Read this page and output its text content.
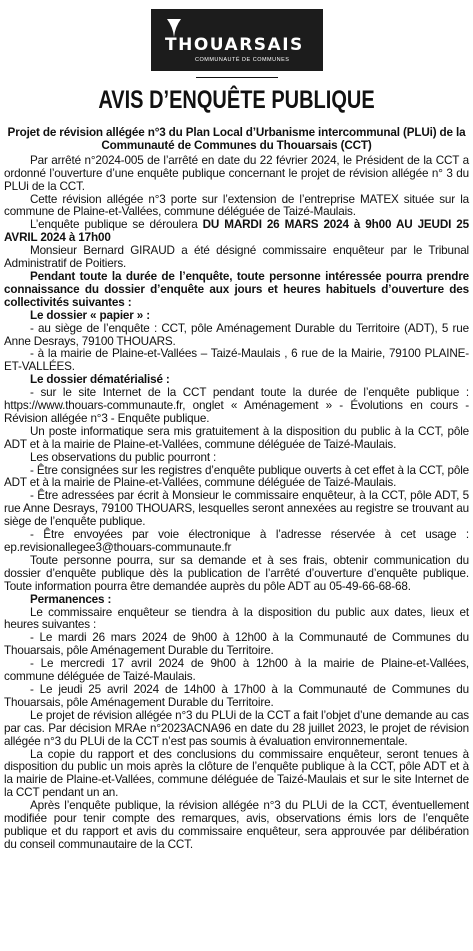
THOUARSAIS
COMMUNAUTÉ DE COMMUNES
AVIS D’ENQUÊTE PUBLIQUE
Projet de révision allégée n°3 du Plan Local d’Urbanisme intercommunal (PLUi) de la Communauté de Communes du Thouarsais (CCT)

Par arrêté n°2024-005 de l’arrêté en date du 22 février 2024, le Président de la CCT a ordonné l’ouverture d’une enquête publique concernant le projet de révision allégée n° 3 du PLUi de la CCT.

Cette révision allégée n°3 porte sur l’extension de l’entreprise MATEX située sur la commune de Plaine-et-Vallées, commune déléguée de Taizé-Maulais.

L’enquête publique se déroulera DU MARDI 26 MARS 2024 à 9h00 AU JEUDI 25 AVRIL 2024 à 17h00

Monsieur Bernard GIRAUD a été désigné commissaire enquêteur par le Tribunal Administratif de Poitiers.

Pendant toute la durée de l’enquête, toute personne intéressée pourra prendre connaissance du dossier d’enquête aux jours et heures habituels d’ouverture des collectivités suivantes :

Le dossier « papier » :

- au siège de l’enquête : CCT, pôle Aménagement Durable du Territoire (ADT), 5 rue Anne Desrays, 79100 THOUARS.

- à la mairie de Plaine-et-Vallées – Taizé-Maulais , 6 rue de la Mairie, 79100 PLAINE-ET-VALLÉES.

Le dossier dématérialisé :

- sur le site Internet de la CCT pendant toute la durée de l’enquête publique : https://www.thouars-communaute.fr, onglet « Aménagement » - Évolutions en cours - Révision allégée n°3 - Enquête publique.

Un poste informatique sera mis gratuitement à la disposition du public à la CCT, pôle ADT et à la mairie de Plaine-et-Vallées, commune déléguée de Taizé-Maulais.

Les observations du public pourront :

- Être consignées sur les registres d’enquête publique ouverts à cet effet à la CCT, pôle ADT et à la mairie de Plaine-et-Vallées, commune déléguée de Taizé-Maulais.

- Être adressées par écrit à Monsieur le commissaire enquêteur, à la CCT, pôle ADT, 5 rue Anne Desrays, 79100 THOUARS, lesquelles seront annexées au registre se trouvant au siège de l’enquête publique.

- Être envoyées par voie électronique à l’adresse réservée à cet usage : ep.revisionallegee3@thouars-communaute.fr

Toute personne pourra, sur sa demande et à ses frais, obtenir communication du dossier d’enquête publique dès la publication de l’arrêté d’ouverture d’enquête publique. Toute information pourra être demandée auprès du pôle ADT au 05-49-66-68-68.

Permanences :

Le commissaire enquêteur se tiendra à la disposition du public aux dates, lieux et heures suivantes :

- Le mardi 26 mars 2024 de 9h00 à 12h00 à la Communauté de Communes du Thouarsais, pôle Aménagement Durable du Territoire.

- Le mercredi 17 avril 2024 de 9h00 à 12h00 à la mairie de Plaine-et-Vallées, commune déléguée de Taizé-Maulais.

- Le jeudi 25 avril 2024 de 14h00 à 17h00 à la Communauté de Communes du Thouarsais, pôle Aménagement Durable du Territoire.

Le projet de révision allégée n°3 du PLUi de la CCT a fait l’objet d’une demande au cas par cas. Par décision MRAe n°2023ACNA96 en date du 28 juillet 2023, le projet de révision allégée n°3 du PLUi de la CCT n’est pas soumis à évaluation environnementale.

La copie du rapport et des conclusions du commissaire enquêteur, seront tenues à disposition du public un mois après la clôture de l’enquête publique à la CCT, pôle ADT et à la mairie de Plaine-et-Vallées, commune déléguée de Taizé-Maulais et sur le site Internet de la CCT pendant un an.

Après l’enquête publique, la révision allégée n°3 du PLUi de la CCT, éventuellement modifiée pour tenir compte des remarques, avis, observations émis lors de l’enquête publique et du rapport et avis du commissaire enquêteur, sera approuvée par délibération du conseil communautaire de la CCT.
